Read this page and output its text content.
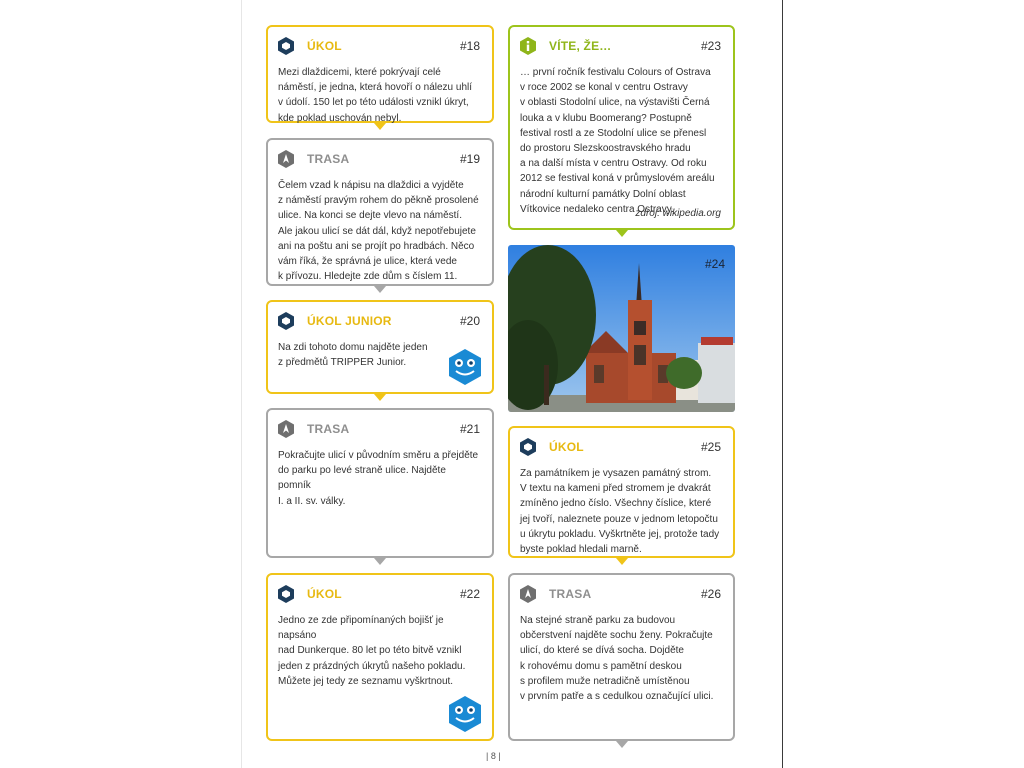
ÚKOL	#18
Mezi dlaždicemi, které pokrývají celé
náměstí, je jedna, která hovoří o nálezu uhlí
v údolí. 150 let po této události vznikl úkryt,
kde poklad uschován nebyl.
TRASA	#19
Čelem vzad k nápisu na dlaždici a vyjděte
z náměstí pravým rohem do pěkně prosolené
ulice. Na konci se dejte vlevo na náměstí.
Ale jakou ulicí se dát dál, když nepotřebujete
ani na poštu ani se projít po hradbách. Něco
vám říká, že správná je ulice, která vede
k přívozu. Hledejte zde dům s číslem 11.
ÚKOL JUNIOR	#20
Na zdi tohoto domu najděte jeden
z předmětů TRIPPER Junior.
TRASA	#21
Pokračujte ulicí v původním směru a přejděte
do parku po levé straně ulice. Najděte pomník
I. a II. sv. války.
ÚKOL	#22
Jedno ze zde připomínaných bojišť je napsáno
nad Dunkerque. 80 let po této bitvě vznikl
jeden z prázdných úkrytů našeho pokladu.
Můžete jej tedy ze seznamu vyškrtnout.
VÍTE, ŽE…	#23
… první ročník festivalu Colours of Ostrava
v roce 2002 se konal v centru Ostravy
v oblasti Stodolní ulice, na výstavišti Černá
louka a v klubu Boomerang? Postupně
festival rostl a ze Stodolní ulice se přenesl
do prostoru Slezskoostravského hradu
a na další místa v centru Ostravy. Od roku
2012 se festival koná v průmyslovém areálu
národní kulturní památky Dolní oblast
Vítkovice nedaleko centra Ostravy.
zdroj: wikipedia.org
#24
ÚKOL	#25
Za památníkem je vysazen památný strom.
V textu na kameni před stromem je dvakrát
zmíněno jedno číslo. Všechny číslice, které
jej tvoří, naleznete pouze v jednom letopočtu
u úkrytu pokladu. Vyškrtněte jej, protože tady
byste poklad hledali marně.
TRASA	#26
Na stejné straně parku za budovou
občerstvení najděte sochu ženy. Pokračujte
ulicí, do které se dívá socha. Dojděte
k rohovému domu s pamětní deskou
s profilem muže netradičně umístěnou
v prvním patře a s cedulkou označující ulici.
| 8 |
